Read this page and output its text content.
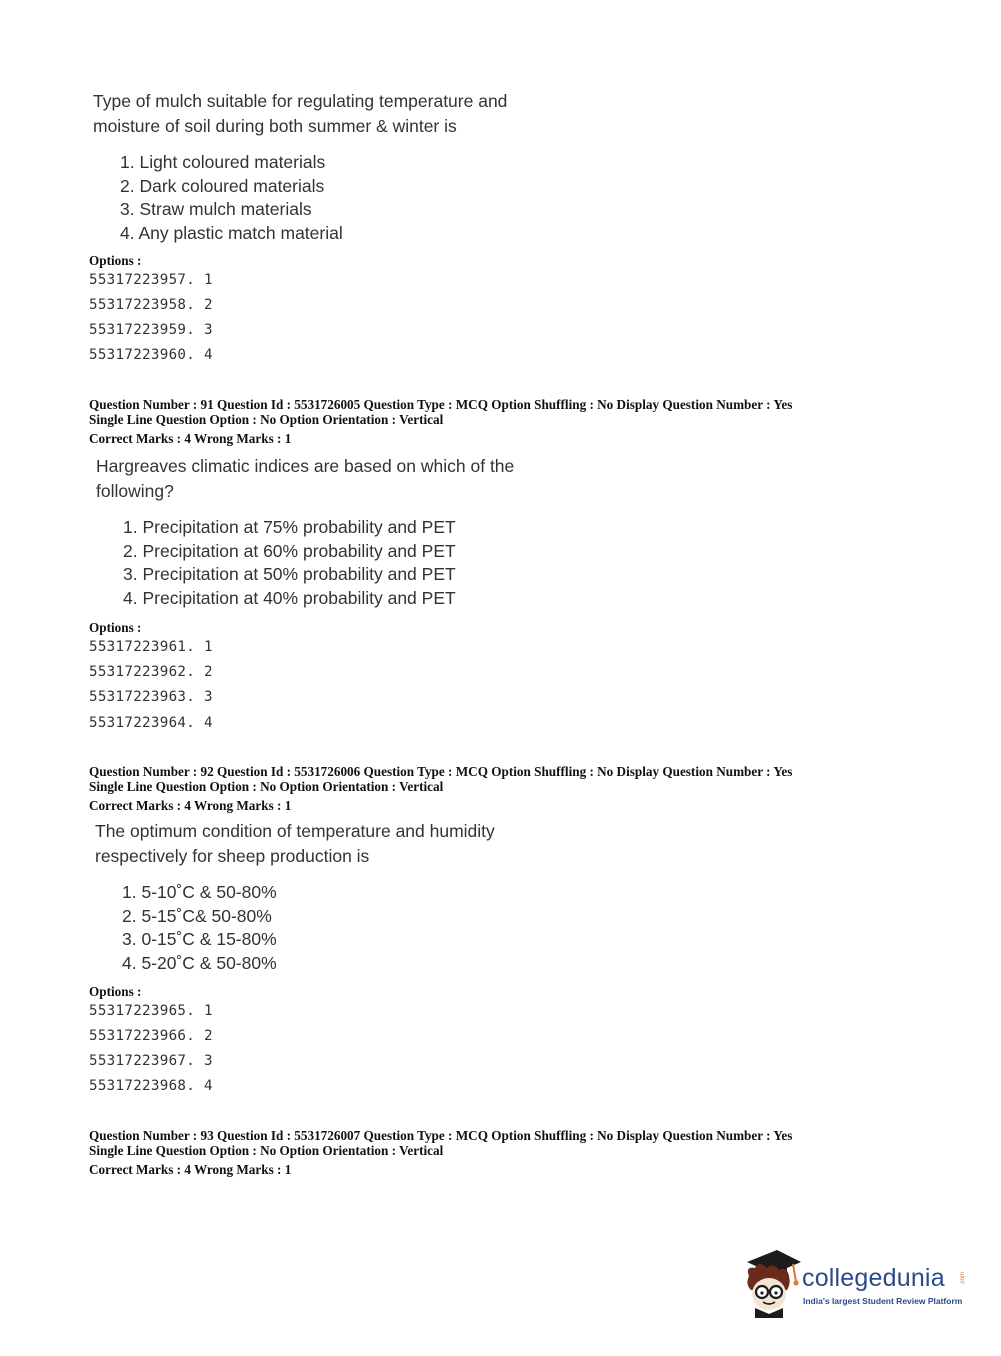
Type of mulch suitable for regulating temperature and
moisture of soil during both summer & winter is
1. Light coloured materials
2. Dark coloured materials
3. Straw mulch materials
4. Any plastic match material
Options :
55317223957. 1
55317223958. 2
55317223959. 3
55317223960. 4
Question Number : 91 Question Id : 5531726005 Question Type : MCQ Option Shuffling : No Display Question Number : Yes
Single Line Question Option : No Option Orientation : Vertical
Correct Marks : 4 Wrong Marks : 1
Hargreaves climatic indices are based on which of the
following?
1. Precipitation at 75% probability and PET
2. Precipitation at 60% probability and PET
3. Precipitation at 50% probability and PET
4. Precipitation at 40% probability and PET
Options :
55317223961. 1
55317223962. 2
55317223963. 3
55317223964. 4
Question Number : 92 Question Id : 5531726006 Question Type : MCQ Option Shuffling : No Display Question Number : Yes
Single Line Question Option : No Option Orientation : Vertical
Correct Marks : 4 Wrong Marks : 1
The optimum condition of temperature and humidity
respectively for sheep production is
1. 5-10˚C & 50-80%
2. 5-15˚C& 50-80%
3. 0-15˚C & 15-80%
4. 5-20˚C & 50-80%
Options :
55317223965. 1
55317223966. 2
55317223967. 3
55317223968. 4
Question Number : 93 Question Id : 5531726007 Question Type : MCQ Option Shuffling : No Display Question Number : Yes
Single Line Question Option : No Option Orientation : Vertical
Correct Marks : 4 Wrong Marks : 1
collegedunia	.com
India's largest Student Review Platform
